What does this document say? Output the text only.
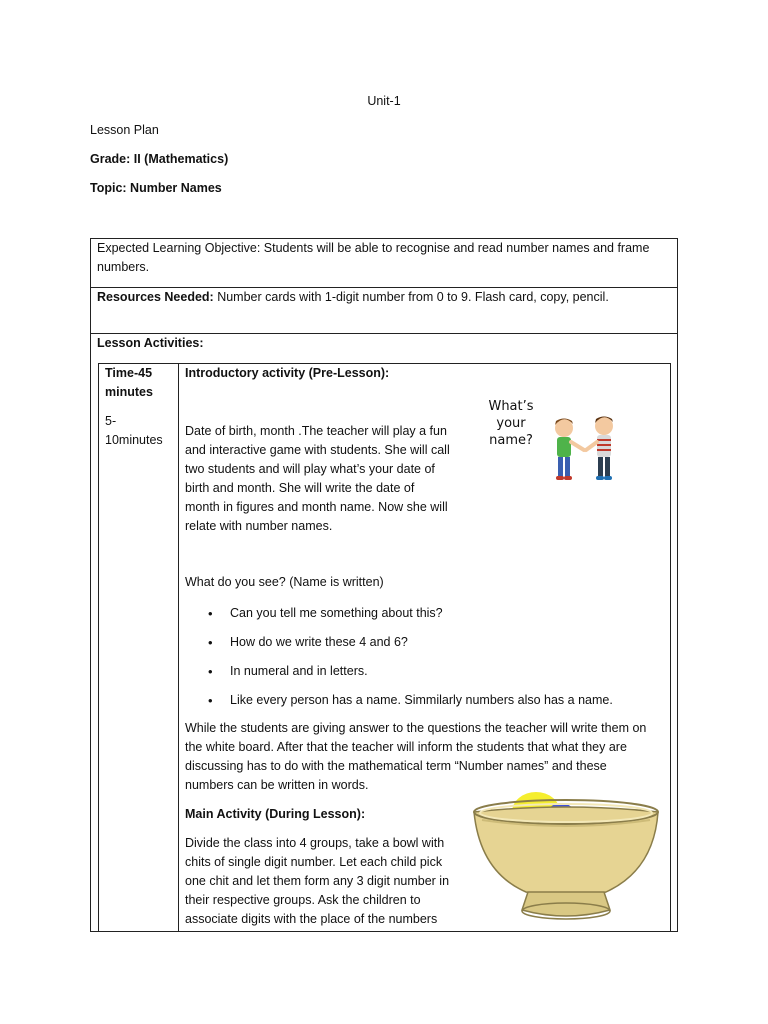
Unit-1
Lesson Plan
Grade: II (Mathematics)
Topic: Number Names
Expected Learning Objective: Students will be able to recognise and read number names and frame
numbers.
Resources Needed: Number cards with 1-digit number from 0 to 9. Flash card, copy, pencil.
Lesson Activities:
Time-45
minutes
5-
10minutes
Introductory activity (Pre-Lesson):
Date of birth, month .The teacher will play a fun
and interactive game with students. She will call
two students and will play what’s your date of
birth and month. She will write the date of
month in figures and month name. Now she will
relate with number names.
What’s
your
name?
What do you see? (Name is written)
• Can you tell me something about this?
• How do we write these 4 and 6?
• In numeral and in letters.
• Like every person has a name. Simmilarly numbers also has a name.
While the students are giving answer to the questions the teacher will write them on
the white board. After that the teacher will inform the students that what they are
discussing has to do with the mathematical term “Number names” and these
numbers can be written in words.
Main Activity (During Lesson):
Divide the class into 4 groups, take a bowl with
chits of single digit number. Let each child pick
one chit and let them form any 3 digit number in
their respective groups. Ask the children to
associate digits with the place of the numbers
